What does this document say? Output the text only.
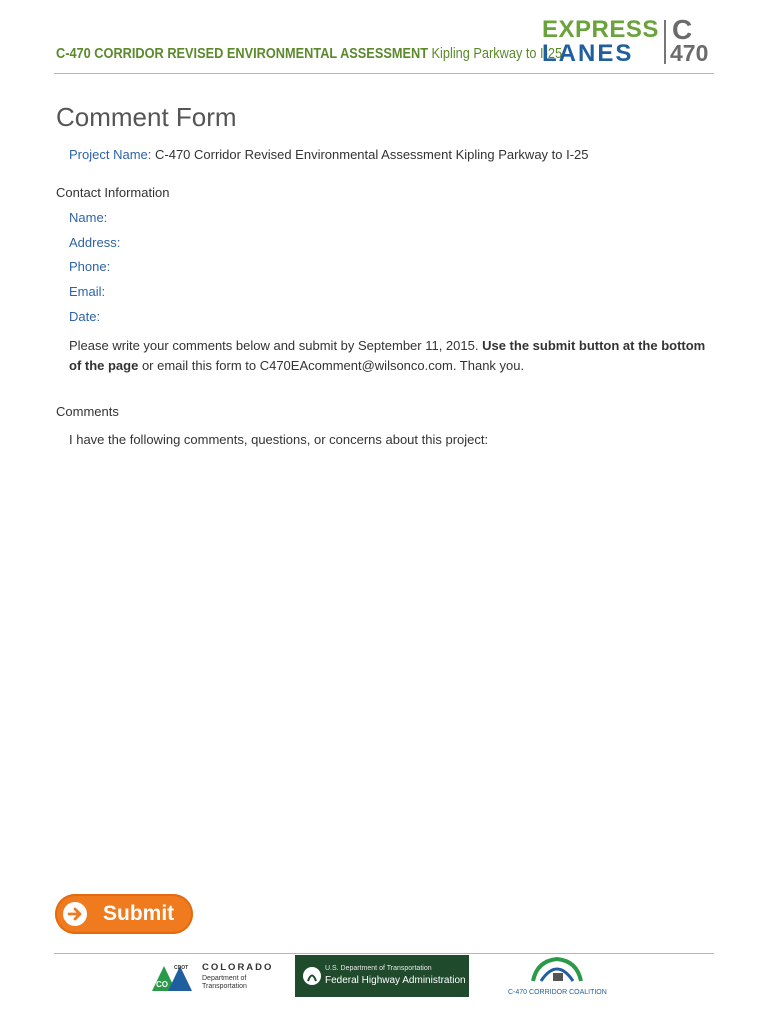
C-470 CORRIDOR REVISED ENVIRONMENTAL ASSESSMENT Kipling Parkway to I-25
EXPRESS
LANES
C
470
Comment Form
Project Name: C-470 Corridor Revised Environmental Assessment Kipling Parkway to I-25
Contact Information
Name:
Address:
Phone:
Email:
Date:
Please write your comments below and submit by September 11, 2015. Use the submit button at the bottom of the page or email this form to C470EAcomment@wilsonco.com. Thank you.
Comments
I have the following comments, questions, or concerns about this project:
Submit
CO
CDOT COLORADO
Department of
Transportation
U.S. Department of Transportation
Federal Highway Administration
C-470 CORRIDOR COALITION
